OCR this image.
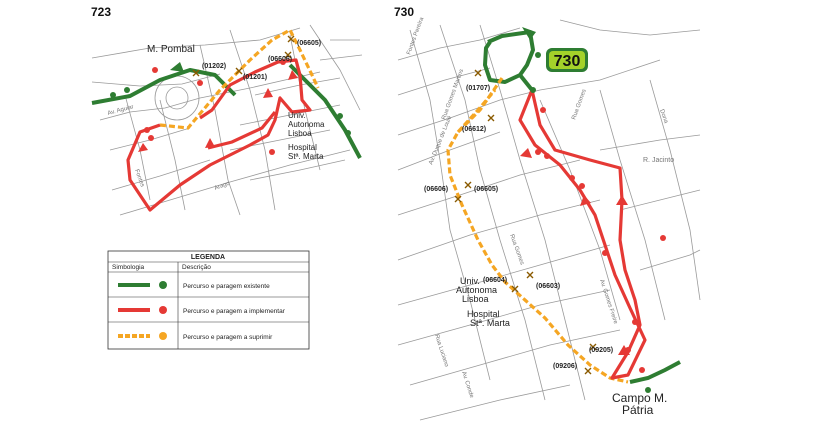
723
Av. Aguiar
Fontes	Arago
M. Pombal
(01202)
(01201)
(06606)
(06605)
Univ.
Autonoma
Lisboa
Hospital
Stª. Marta
LEGENDA
Simbologia	Descrição
Percurso e paragem existente
Percurso e paragem a implementar
Percurso e paragem a suprimir
730
Fontes Pereira
Av. Duque de Loulé
Rua Gomes Martins	Rua Gomes
R. Jacinto
Dona
Av. Gomes Freire
Rua Gomes
Rua Luciano
Av. Conde
730
(01707)
(06612)
(06606)	(06605)
(06604)
(06603)
(09205)
(09206)
Univ.
Autonoma
Lisboa
Hospital
Stª. Marta
Campo M.
Pátria
